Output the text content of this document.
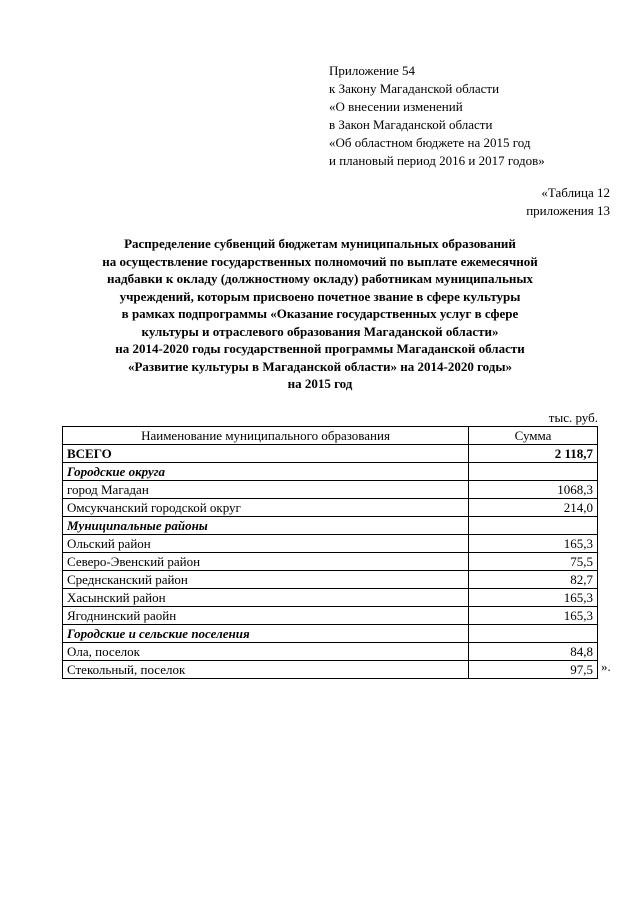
Приложение 54
к Закону Магаданской области
«О внесении изменений
в Закон Магаданской области
«Об областном бюджете на 2015 год
и плановый период 2016 и 2017 годов»
«Таблица 12
приложения 13
Распределение субвенций бюджетам муниципальных образований
на осуществление государственных полномочий по выплате ежемесячной
надбавки к окладу (должностному окладу) работникам муниципальных
учреждений, которым присвоено почетное звание в сфере культуры
в рамках подпрограммы «Оказание государственных услуг в сфере
культуры и отраслевого образования Магаданской области»
на 2014-2020 годы государственной программы Магаданской области
«Развитие культуры в Магаданской области» на 2014-2020 годы»
на 2015 год
тыс. руб.
Наименование муниципального образования	Сумма
ВСЕГО	2 118,7
Городские округа	
город Магадан	1068,3
Омсукчанский городской округ	214,0
Муниципальные районы	
Ольский район	165,3
Северо-Эвенский район	75,5
Среднсканский район	82,7
Хасынский район	165,3
Ягоднинский раойн	165,3
Городские и сельские поселения	
Ола, поселок	84,8
Стекольный, поселок	97,5 ».
